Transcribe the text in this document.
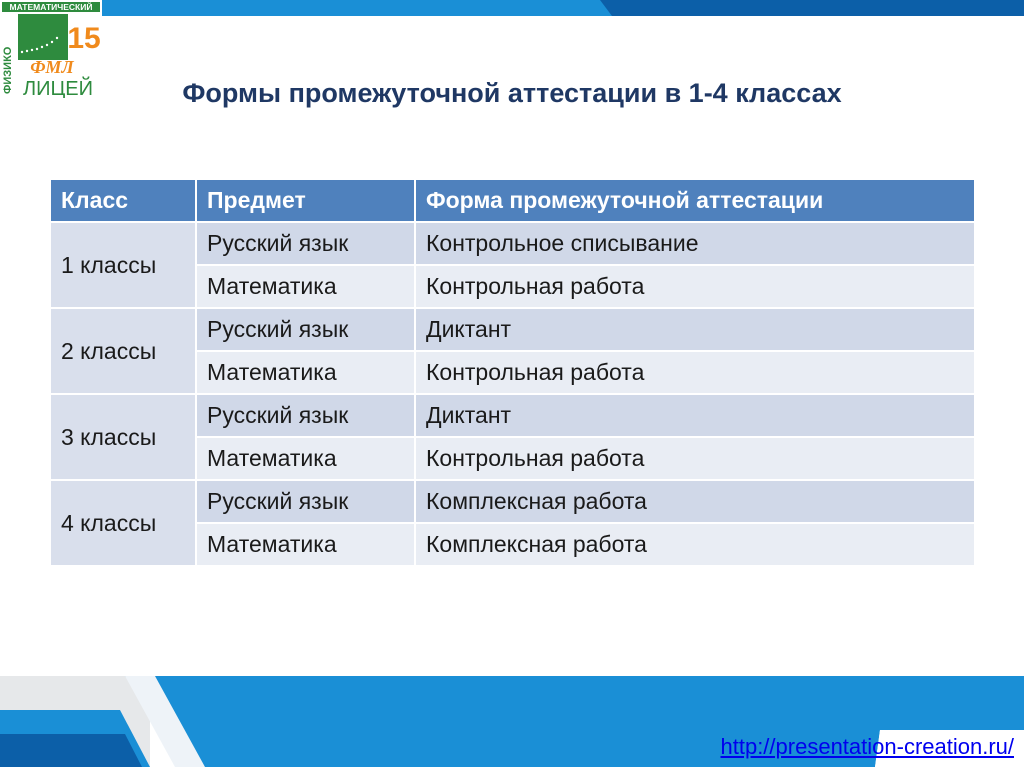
МАТЕМАТИЧЕСКИЙ
15
ФИЗИКО ФМЛ
ЛИЦЕЙ	Формы промежуточной аттестации в 1-4 классах
Класс	Предмет	Форма промежуточной аттестации
1 классы	Русский язык	Контрольное списывание
	Математика	Контрольная работа
2 классы	Русский язык	Диктант
	Математика	Контрольная работа
3 классы	Русский язык	Диктант
	Математика	Контрольная работа
4 классы	Русский язык	Комплексная работа
	Математика	Комплексная работа
http://presentation-creation.ru/
